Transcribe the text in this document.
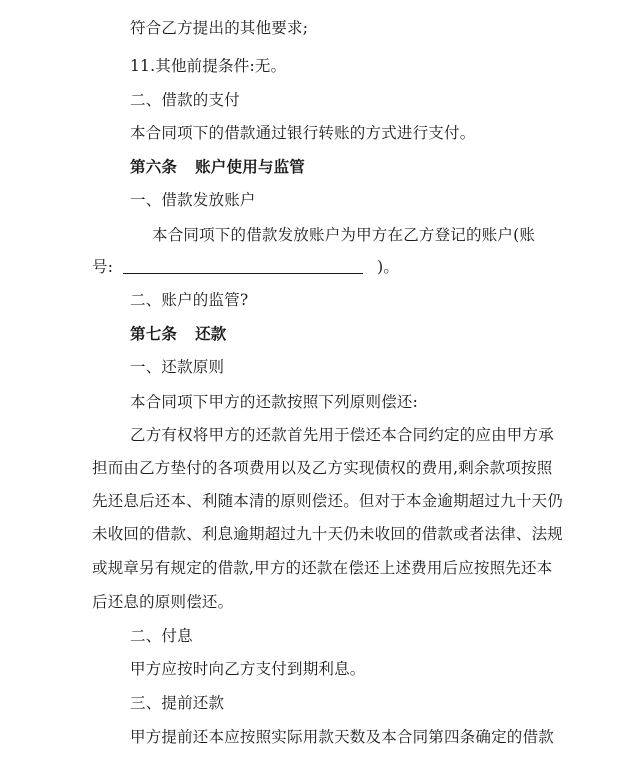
符合乙方提出的其他要求;
11.其他前提条件:无。
二、借款的支付
本合同项下的借款通过银行转账的方式进行支付。
第六条 账户使用与监管
一、借款发放账户
本合同项下的借款发放账户为甲方在乙方登记的账户(账
号:	)。
二、账户的监管?
第七条 还款
一、还款原则
本合同项下甲方的还款按照下列原则偿还:
乙方有权将甲方的还款首先用于偿还本合同约定的应由甲方承
担而由乙方垫付的各项费用以及乙方实现债权的费用,剩余款项按照
先还息后还本、利随本清的原则偿还。但对于本金逾期超过九十天仍
未收回的借款、利息逾期超过九十天仍未收回的借款或者法律、法规
或规章另有规定的借款,甲方的还款在偿还上述费用后应按照先还本
后还息的原则偿还。
二、付息
甲方应按时向乙方支付到期利息。
三、提前还款
甲方提前还本应按照实际用款天数及本合同第四条确定的借款
